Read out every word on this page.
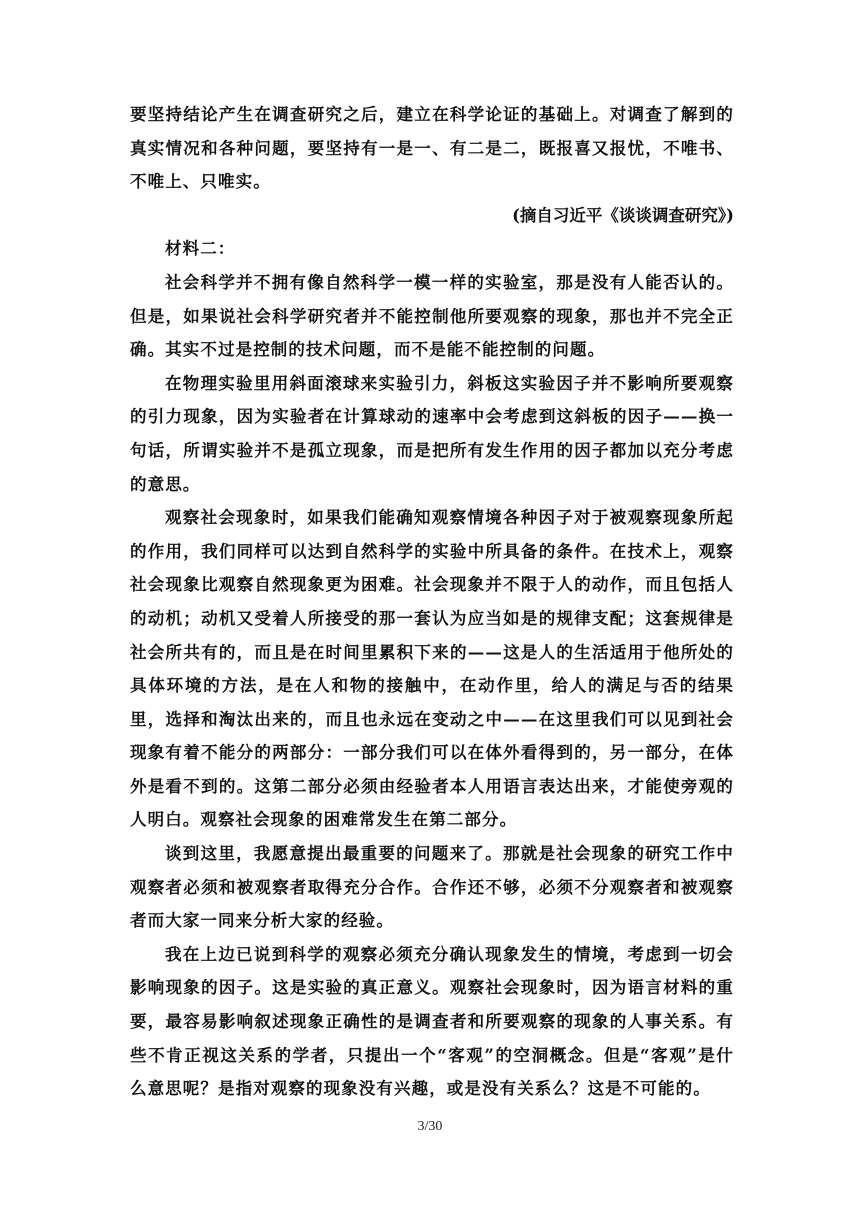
要坚持结论产生在调查研究之后，建立在科学论证的基础上。对调查了解到的真实情况和各种问题，要坚持有一是一、有二是二，既报喜又报忧，不唯书、不唯上、只唯实。

(摘自习近平《谈谈调查研究》)

材料二：

社会科学并不拥有像自然科学一模一样的实验室，那是没有人能否认的。但是，如果说社会科学研究者并不能控制他所要观察的现象，那也并不完全正确。其实不过是控制的技术问题，而不是能不能控制的问题。

在物理实验里用斜面滚球来实验引力，斜板这实验因子并不影响所要观察的引力现象，因为实验者在计算球动的速率中会考虑到这斜板的因子——换一句话，所谓实验并不是孤立现象，而是把所有发生作用的因子都加以充分考虑的意思。

观察社会现象时，如果我们能确知观察情境各种因子对于被观察现象所起的作用，我们同样可以达到自然科学的实验中所具备的条件。在技术上，观察社会现象比观察自然现象更为困难。社会现象并不限于人的动作，而且包括人的动机；动机又受着人所接受的那一套认为应当如是的规律支配；这套规律是社会所共有的，而且是在时间里累积下来的——这是人的生活适用于他所处的具体环境的方法，是在人和物的接触中，在动作里，给人的满足与否的结果里，选择和淘汰出来的，而且也永远在变动之中——在这里我们可以见到社会现象有着不能分的两部分：一部分我们可以在体外看得到的，另一部分，在体外是看不到的。这第二部分必须由经验者本人用语言表达出来，才能使旁观的人明白。观察社会现象的困难常发生在第二部分。

谈到这里，我愿意提出最重要的问题来了。那就是社会现象的研究工作中观察者必须和被观察者取得充分合作。合作还不够，必须不分观察者和被观察者而大家一同来分析大家的经验。

我在上边已说到科学的观察必须充分确认现象发生的情境，考虑到一切会影响现象的因子。这是实验的真正意义。观察社会现象时，因为语言材料的重要，最容易影响叙述现象正确性的是调查者和所要观察的现象的人事关系。有些不肯正视这关系的学者，只提出一个“客观”的空洞概念。但是“客观”是什么意思呢？是指对观察的现象没有兴趣，或是没有关系么？这是不可能的。

3/30
